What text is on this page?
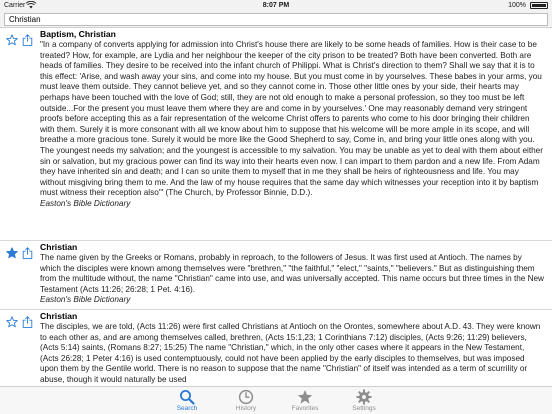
Carrier	8:07 PM	100%
Christian
Baptism, Christian
"In a company of converts applying for admission into Christ's house there are likely to be some heads of families. How is their case to be treated? How, for example, are Lydia and her neighbour the keeper of the city prison to be treated? Both have been converted. Both are heads of families. They desire to be received into the infant church of Philippi. What is Christ's direction to them? Shall we say that it is to this effect: 'Arise, and wash away your sins, and come into my house. But you must come in by yourselves. These babes in your arms, you must leave them outside. They cannot believe yet, and so they cannot come in. Those other little ones by your side, their hearts may perhaps have been touched with the love of God; still, they are not old enough to make a personal profession, so they too must be left outside...For the present you must leave them where they are and come in by yourselves.' One may reasonably demand very stringent proofs before accepting this as a fair representation of the welcome Christ offers to parents who come to his door bringing their children with them. Surely it is more consonant with all we know about him to suppose that his welcome will be more ample in its scope, and will breathe a more gracious tone. Surely it would be more like the Good Shepherd to say, Come in, and bring your little ones along with you. The youngest needs my salvation; and the youngest is accessible to my salvation. You may be unable as yet to deal with them about either sin or salvation, but my gracious power can find its way into their hearts even now. I can impart to them pardon and a new life. From Adam they have inherited sin and death; and I can so unite them to myself that in me they shall be heirs of righteousness and life. You may without misgiving bring them to me. And the law of my house requires that the same day which witnesses your reception into it by baptism must witness their reception also'" (The Church, by Professor Binnie, D.D.).
Easton's Bible Dictionary
Christian
The name given by the Greeks or Romans, probably in reproach, to the followers of Jesus. It was first used at Antioch. The names by which the disciples were known among themselves were "brethren," "the faithful," "elect," "saints," "believers." But as distinguishing them from the multitude without, the name "Christian" came into use, and was universally accepted. This name occurs but three times in the New Testament (Acts 11:26; 26:28; 1 Pet. 4:16).
Easton's Bible Dictionary
Christian
The disciples, we are told, (Acts 11:26) were first called Christians at Antioch on the Orontes, somewhere about A.D. 43. They were known to each other as, and are among themselves called, brethren, (Acts 15:1,23; 1 Corinthians 7:12) disciples, (Acts 9:26; 11:29) believers, (Acts 5:14) saints, (Romans 8:27; 15:25) The name "Christian," which, in the only other cases where it appears in the New Testament, (Acts 26:28; 1 Peter 4:16) is used contemptuously, could not have been applied by the early disciples to themselves, but was imposed upon them by the Gentile world. There is no reason to suppose that the name "Christian" of itself was intended as a term of scurrility or abuse, though it would naturally be used
Search	History	Favorites	Settings
